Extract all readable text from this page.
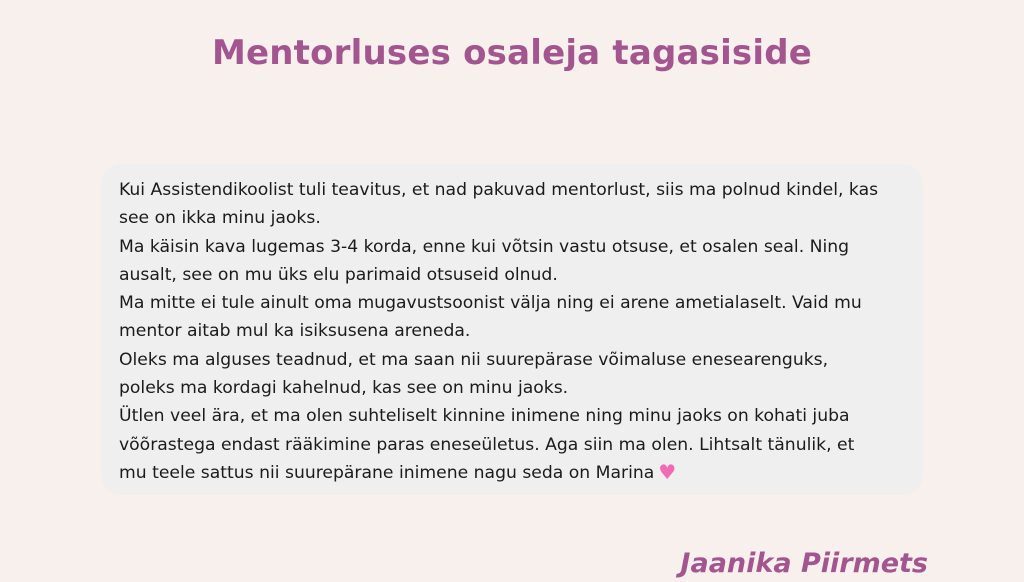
Mentorluses osaleja tagasiside

Kui Assistendikoolist tuli teavitus, et nad pakuvad mentorlust, siis ma polnud kindel, kas

see on ikka minu jaoks.

Ma käisin kava lugemas 3-4 korda, enne kui võtsin vastu otsuse, et osalen seal. Ning

ausalt, see on mu üks elu parimaid otsuseid olnud.

Ma mitte ei tule ainult oma mugavustsoonist välja ning ei arene ametialaselt. Vaid mu

mentor aitab mul ka isiksusena areneda.

Oleks ma alguses teadnud, et ma saan nii suurepärase võimaluse enesearenguks,

poleks ma kordagi kahelnud, kas see on minu jaoks.

Ütlen veel ära, et ma olen suhteliselt kinnine inimene ning minu jaoks on kohati juba

võõrastega endast rääkimine paras eneseületus. Aga siin ma olen. Lihtsalt tänulik, et

mu teele sattus nii suurepärane inimene nagu seda on Marina ♥

Jaanika Piirmets
